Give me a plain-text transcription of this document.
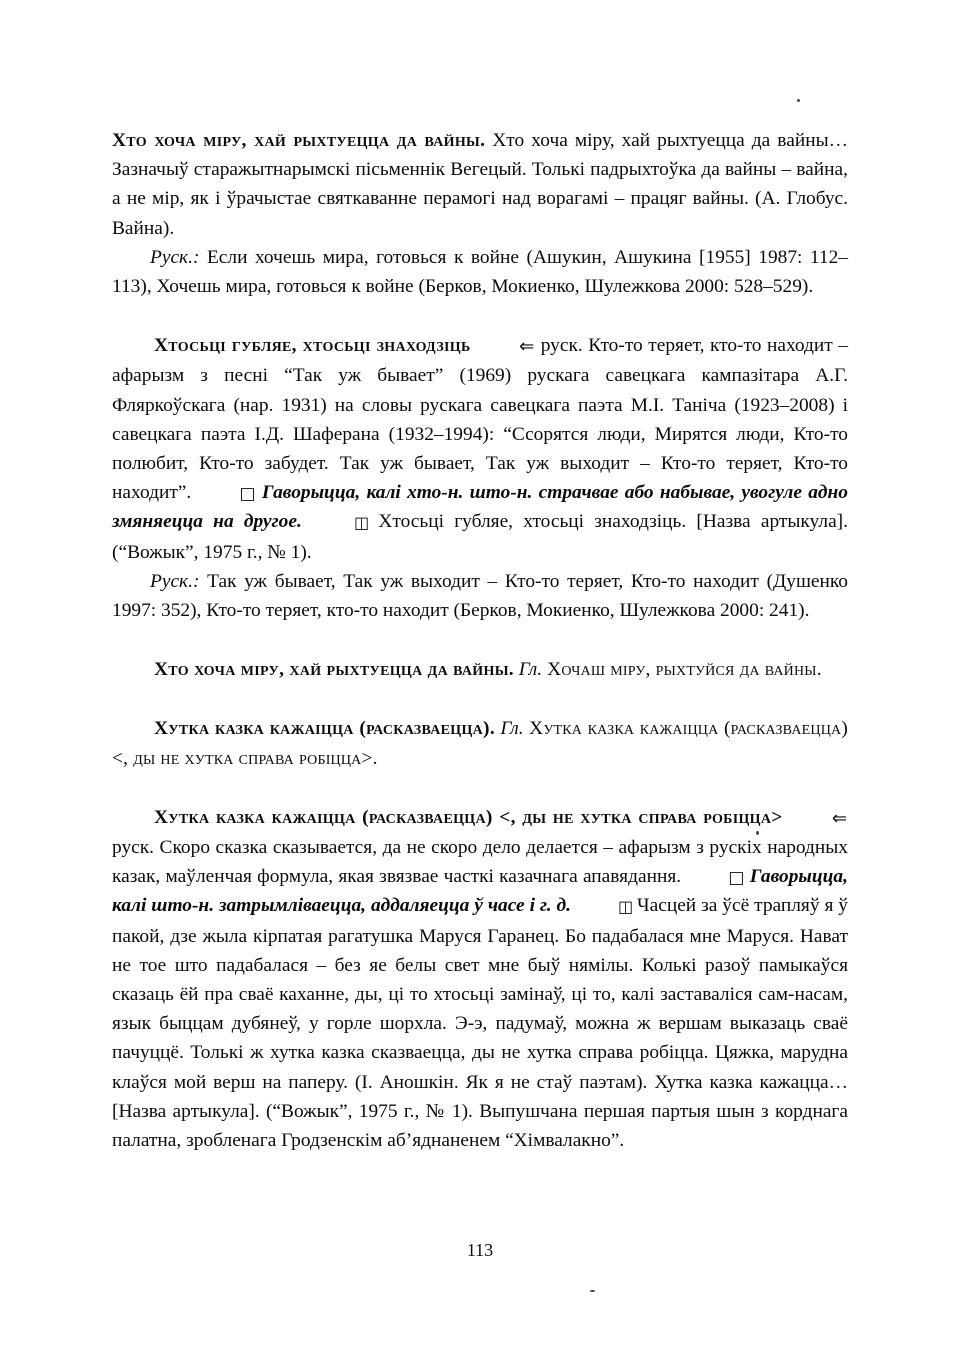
Хто хоча міру, хай рыхтуецца да вайны. Хто хоча міру, хай рыхтуецца да вайны… Зазначыў старажытнарымскі пісьменнік Вегецый. Толькі падрыхтоўка да вайны – вайна, а не мір, як і ўрачыстае святкаванне перамогі над ворагамі – працяг вайны. (А. Глобус. Вайна).

Руск.: Если хочешь мира, готовься к войне (Ашукин, Ашукина [1955] 1987: 112–113), Хочешь мира, готовься к войне (Берков, Мокиенко, Шулежкова 2000: 528–529).

Хтосьці губляе, хтосьці знаходзіць	⇐ руск. Кто-то теряет, кто-то находит – афарызм з песні “Так уж бывает” (1969) рускага савецкага кампазітара А.Г. Фляркоўскага (нар. 1931) на словы рускага савецкага паэта М.І. Таніча (1923–2008) і савецкага паэта І.Д. Шаферана (1932–1994): “Ссорятся люди, Мирятся люди, Кто-то полюбит, Кто-то забудет. Так уж бывает, Так уж выходит – Кто-то теряет, Кто-то находит”. □ Гаворыцца, калі хто-н. што-н. страчвае або набывае, увогуле адно змяняецца на другое.	◫ Хтосьці губляе, хтосьці знаходзіць. [Назва артыкула]. (“Вожык”, 1975 г., № 1).

Руск.: Так уж бывает, Так уж выходит – Кто-то теряет, Кто-то находит (Душенко 1997: 352), Кто-то теряет, кто-то находит (Берков, Мокиенко, Шулежкова 2000: 241).

Хто хоча міру, хай рыхтуецца да вайны. Гл. Хочаш міру, рыхтуйся да вайны.

Хутка казка кажаіцца (расказваецца). Гл. Хутка казка кажаіцца (расказваецца) <, ды не хутка справа робіцца>.

Хутка казка кажаіцца (расказваецца) <, ды не хутка справа робіцца>	⇐ руск. Скоро сказка сказывается, да не скоро дело делается – афарызм з рускіх народных казак, маўленчая формула, якая звязвае часткі казачнага апавядання. □ Гаворыцца, калі што-н. затрымліваецца, аддаляецца ў часе і г. д.	◫ Часцей за ўсё трапляў я ў пакой, дзе жыла кірпатая рагатушка Маруся Гаранец. Бо падабалася мне Маруся. Нават не тое што падабалася – без яе белы свет мне быў нямілы. Колькі разоў памыкаўся сказаць ёй пра сваё каханне, ды, ці то хтосьці замінаў, ці то, калі заставаліся сам-насам, язык быццам дубянеў, у горле шорхла. Э-э, падумаў, можна ж вершам выказаць сваё пачуццё. Толькі ж хутка казка сказваецца, ды не хутка справа робіцца. Цяжка, марудна клаўся мой верш на паперу. (І. Аношкін. Як я не стаў паэтам). Хутка казка кажацца… [Назва артыкула]. (“Вожык”, 1975 г., № 1). Выпушчана першая партыя шын з корднага палатна, зробленага Гродзенскім аб’яднаненем “Хімвалакно”.

113
